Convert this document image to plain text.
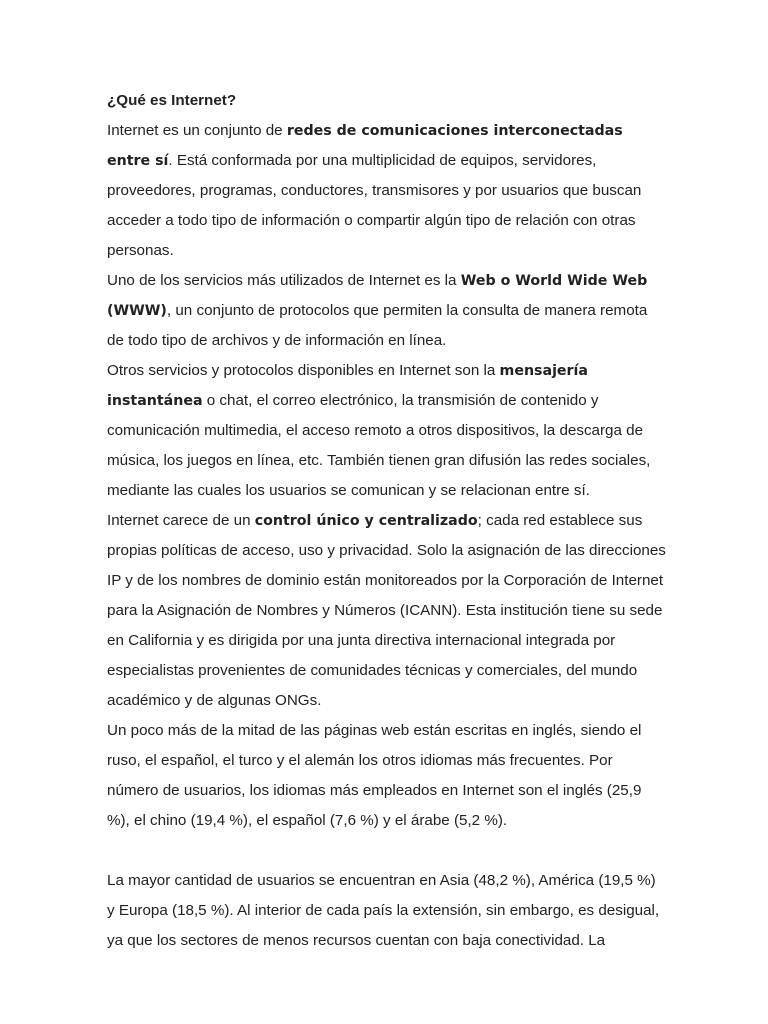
¿Qué es Internet?

Internet es un conjunto de redes de comunicaciones interconectadas entre sí. Está conformada por una multiplicidad de equipos, servidores, proveedores, programas, conductores, transmisores y por usuarios que buscan acceder a todo tipo de información o compartir algún tipo de relación con otras personas.

Uno de los servicios más utilizados de Internet es la Web o World Wide Web (WWW), un conjunto de protocolos que permiten la consulta de manera remota de todo tipo de archivos y de información en línea.

Otros servicios y protocolos disponibles en Internet son la mensajería instantánea o chat, el correo electrónico, la transmisión de contenido y comunicación multimedia, el acceso remoto a otros dispositivos, la descarga de música, los juegos en línea, etc. También tienen gran difusión las redes sociales, mediante las cuales los usuarios se comunican y se relacionan entre sí.

Internet carece de un control único y centralizado; cada red establece sus propias políticas de acceso, uso y privacidad. Solo la asignación de las direcciones IP y de los nombres de dominio están monitoreados por la Corporación de Internet para la Asignación de Nombres y Números (ICANN). Esta institución tiene su sede en California y es dirigida por una junta directiva internacional integrada por especialistas provenientes de comunidades técnicas y comerciales, del mundo académico y de algunas ONGs.

Un poco más de la mitad de las páginas web están escritas en inglés, siendo el ruso, el español, el turco y el alemán los otros idiomas más frecuentes. Por número de usuarios, los idiomas más empleados en Internet son el inglés (25,9 %), el chino (19,4 %), el español (7,6 %) y el árabe (5,2 %).

La mayor cantidad de usuarios se encuentran en Asia (48,2 %), América (19,5 %) y Europa (18,5 %). Al interior de cada país la extensión, sin embargo, es desigual, ya que los sectores de menos recursos cuentan con baja conectividad. La
